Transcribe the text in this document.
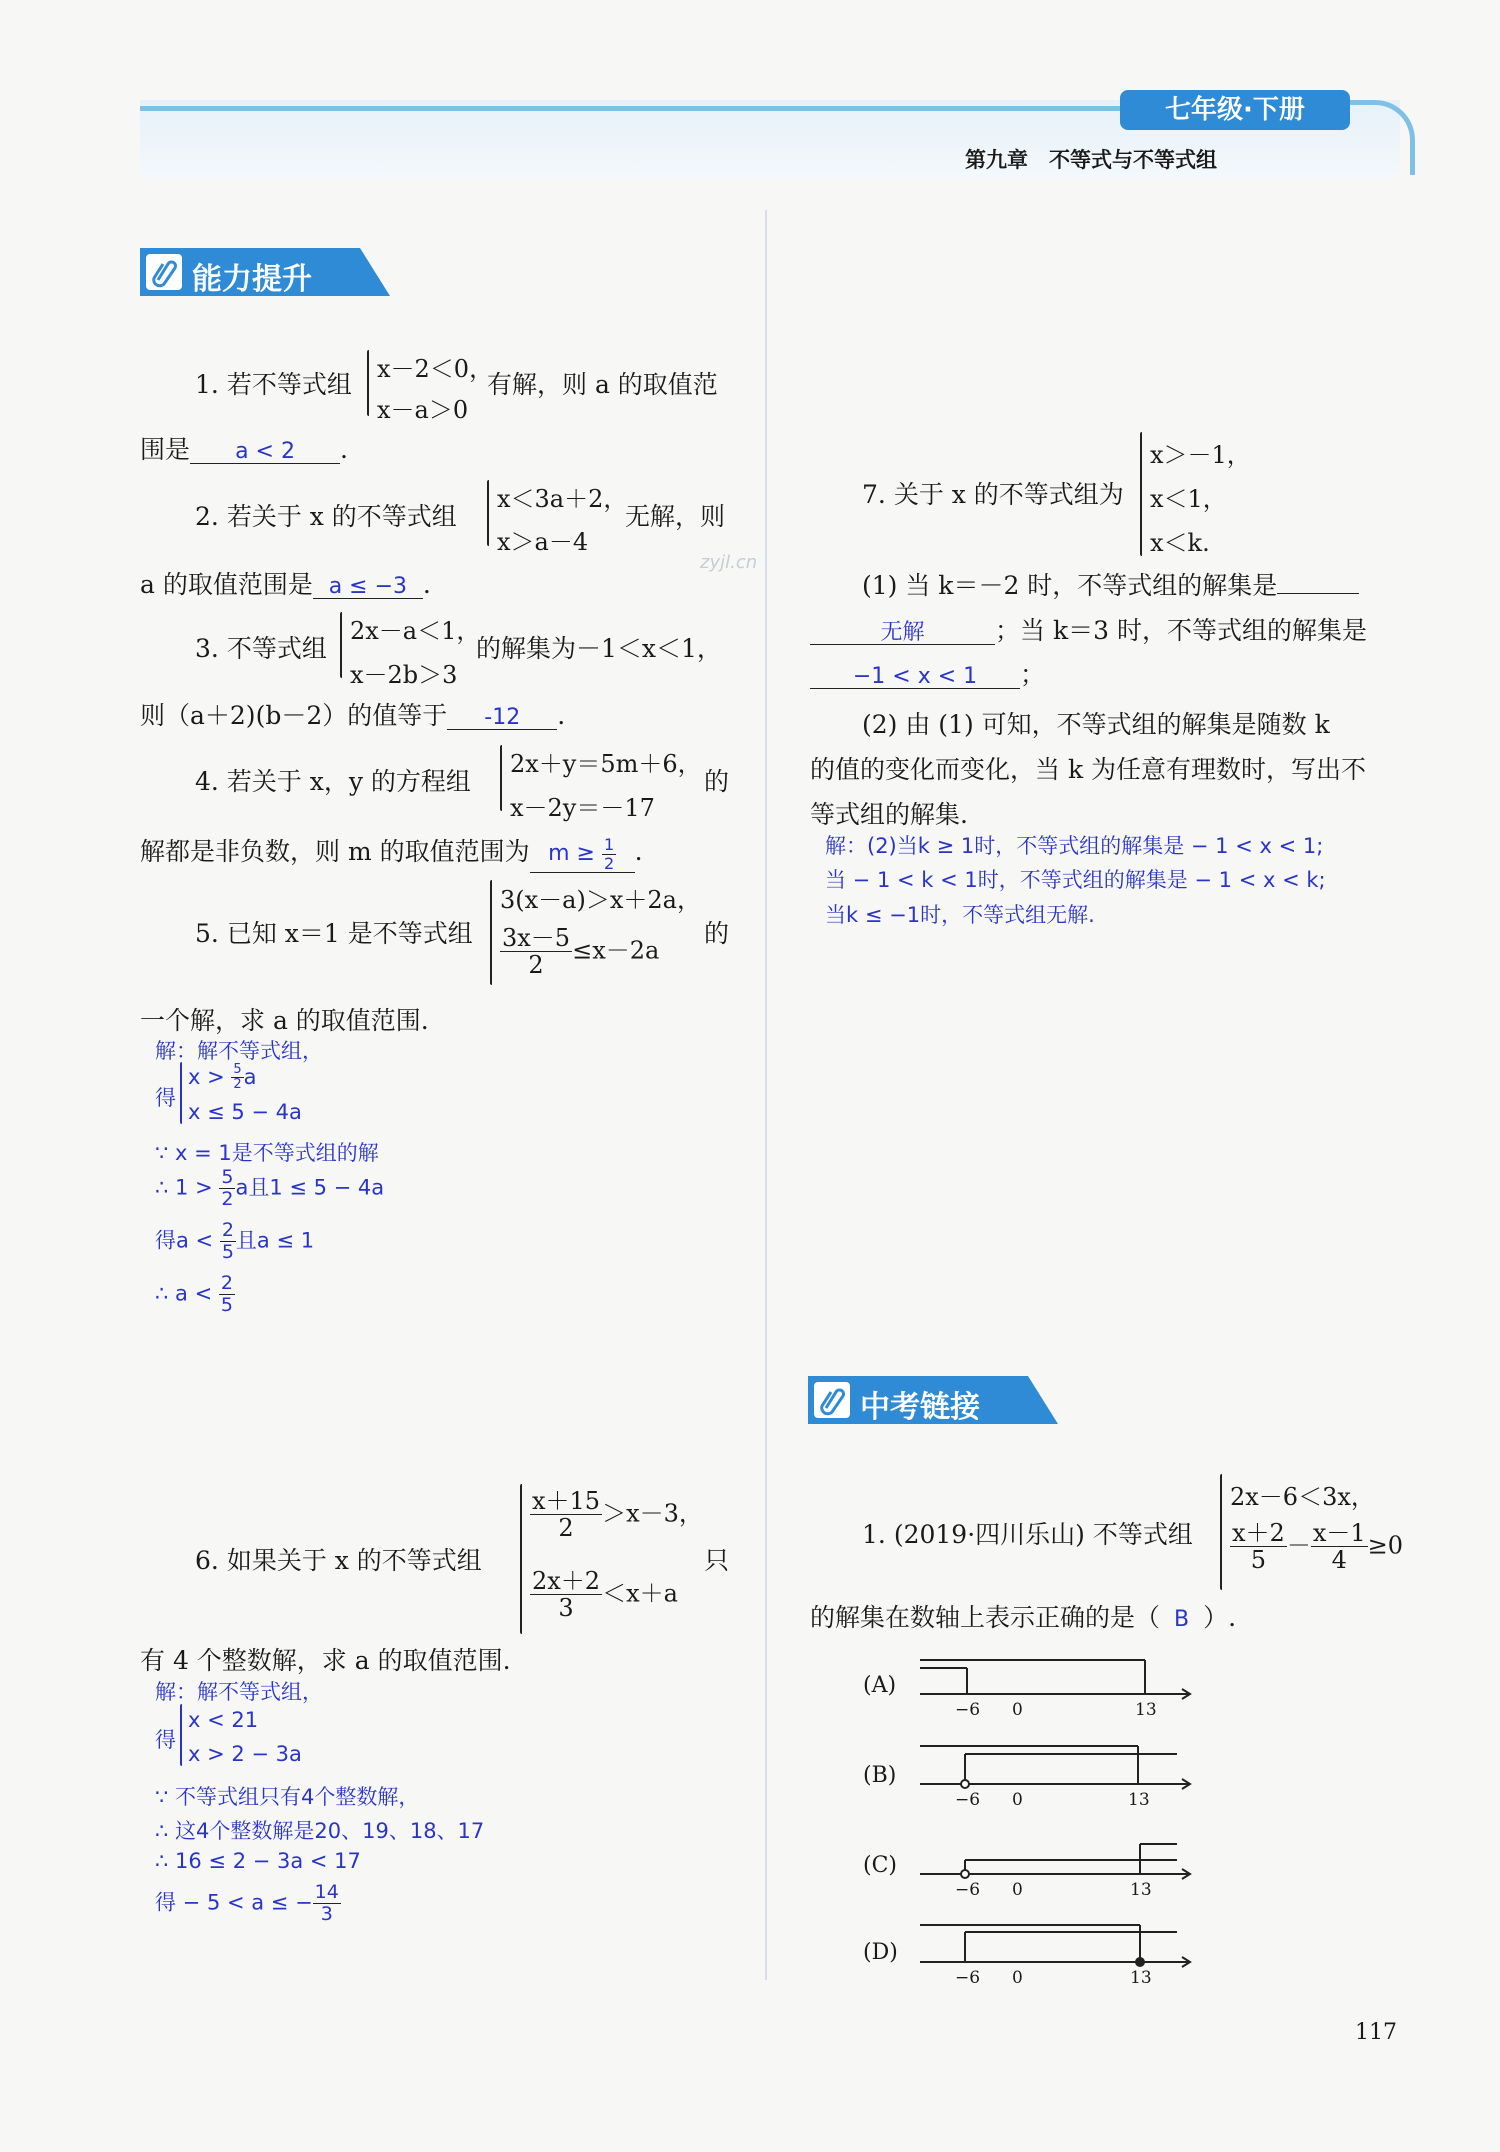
七年级·下册
第九章　不等式与不等式组
能力提升
1. 若不等式组
x－2＜0，
x－a＞0
有解，则 a 的取值范
围是 a < 2 .
2. 若关于 x 的不等式组
x＜3a＋2，
x＞a－4
无解，则
a 的取值范围是 a ≤ −3 .
zyjl.cn
3. 不等式组
2x－a＜1，
x－2b＞3
的解集为－1＜x＜1，
则（a＋2)(b－2）的值等于 -12 .
4. 若关于 x，y 的方程组
2x＋y＝5m＋6，
x－2y＝－17
的
解都是非负数，则 m 的取值范围为 $m \ge \frac{1}{2}$ .
5. 已知 x＝1 是不等式组
3(x－a)＞x＋2a，
$\frac{3x-5}{2} \le x-2a$
的
一个解，求 a 的取值范围.
解：解不等式组，
得
$x > \frac{5}{2}$ a
x ≤ 5 − 4a
∵ x = 1是不等式组的解
∴ $1 > \frac{5}{2}$ a且1 ≤ 5 − 4a
得$a < \frac{2}{5}$ 且a ≤ 1
∴ $a < \frac{2}{5}$
6. 如果关于 x 的不等式组
$\frac{x+15}{2} >x-3$，
$\frac{2x+2}{3} <x+a$
只
有 4 个整数解，求 a 的取值范围.
解：解不等式组，
得
x < 21
x > 2 − 3a
∵ 不等式组只有4个整数解，
∴ 这4个整数解是20、19、18、17
∴ 16 ≤ 2 − 3a < 17
得 − 5 < a ≤ − $\frac{14}{3}$
7. 关于 x 的不等式组为
x＞－1，
x＜1，
x＜k.
(1) 当 k＝－2 时，不等式组的解集是
无解	；当 k＝3 时，不等式组的解集是
−1 < x < 1 ；
(2) 由 (1) 可知，不等式组的解集是随数 k
的值的变化而变化，当 k 为任意有理数时，写出不
等式组的解集.
解：(2)当k ≥ 1时，不等式组的解集是 − 1 < x < 1;
当 − 1 < k < 1时，不等式组的解集是 − 1 < x < k;
当k ≤ −1时，不等式组无解.
中考链接
1. (2019·四川乐山) 不等式组
2x－6＜3x，
$\frac{x+2}{5} - \frac{x-1}{4} \ge 0$
的解集在数轴上表示正确的是（ B ）.
(A)
(B)
(C)
(D)
−6 0	13
−6 0	13
−6 0	13
−6 0	13
117
